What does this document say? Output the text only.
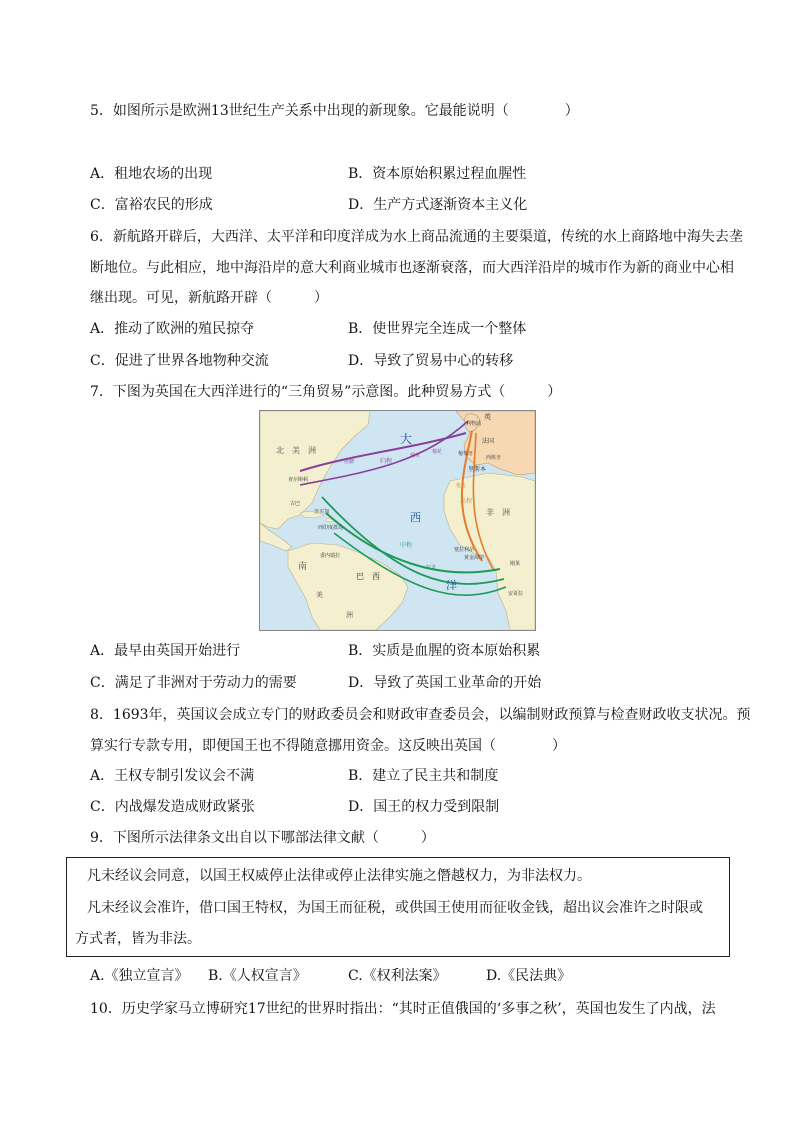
5．如图所示是欧洲13世纪生产关系中出现的新现象。它最能说明（　　　　）
A．租地农场的出现	B．资本原始积累过程血腥性
C．富裕农民的形成	D．生产方式逐渐资本主义化
6．新航路开辟后，大西洋、太平洋和印度洋成为水上商品流通的主要渠道，传统的水上商路地中海失去垄
断地位。与此相应，地中海沿岸的意大利商业城市也逐渐衰落，而大西洋沿岸的城市作为新的商业中心相
继出现。可见，新航路开辟（　　　）
A．推动了欧洲的殖民掠夺	B．使世界完全连成一个整体
C．促进了世界各地物种交流	D．导致了贸易中心的转移
7．下图为英国在大西洋进行的“三角贸易”示意图。此种贸易方式（　　　）
北　美　洲
大
西
洋
非　洲
英
利物浦
法国
葡萄牙
西班牙
里斯本
查尔斯顿
古巴
牙买加
西印度群岛
委内瑞拉
南
美
洲
巴　西
塞拉利昂
黄金海岸
刚果
安哥拉
归程
中程
出程
蔗糖
烟草
棉花
奴隶
枪支
A．最早由英国开始进行	B．实质是血腥的资本原始积累
C．满足了非洲对于劳动力的需要	D．导致了英国工业革命的开始
8．1693年，英国议会成立专门的财政委员会和财政审查委员会，以编制财政预算与检查财政收支状况。预
算实行专款专用，即便国王也不得随意挪用资金。这反映出英国（　　　　）
A．王权专制引发议会不满	B．建立了民主共和制度
C．内战爆发造成财政紧张	D．国王的权力受到限制
9．下图所示法律条文出自以下哪部法律文献（　　　）
凡未经议会同意，以国王权威停止法律或停止法律实施之僭越权力，为非法权力。
凡未经议会准许，借口国王特权，为国王而征税，或供国王使用而征收金钱，超出议会准许之时限或
方式者，皆为非法。
A.《独立宣言》 B.《人权宣言》	C.《权利法案》	D.《民法典》
10．历史学家马立博研究17世纪的世界时指出：“其时正值俄国的‘多事之秋’，英国也发生了内战，法
